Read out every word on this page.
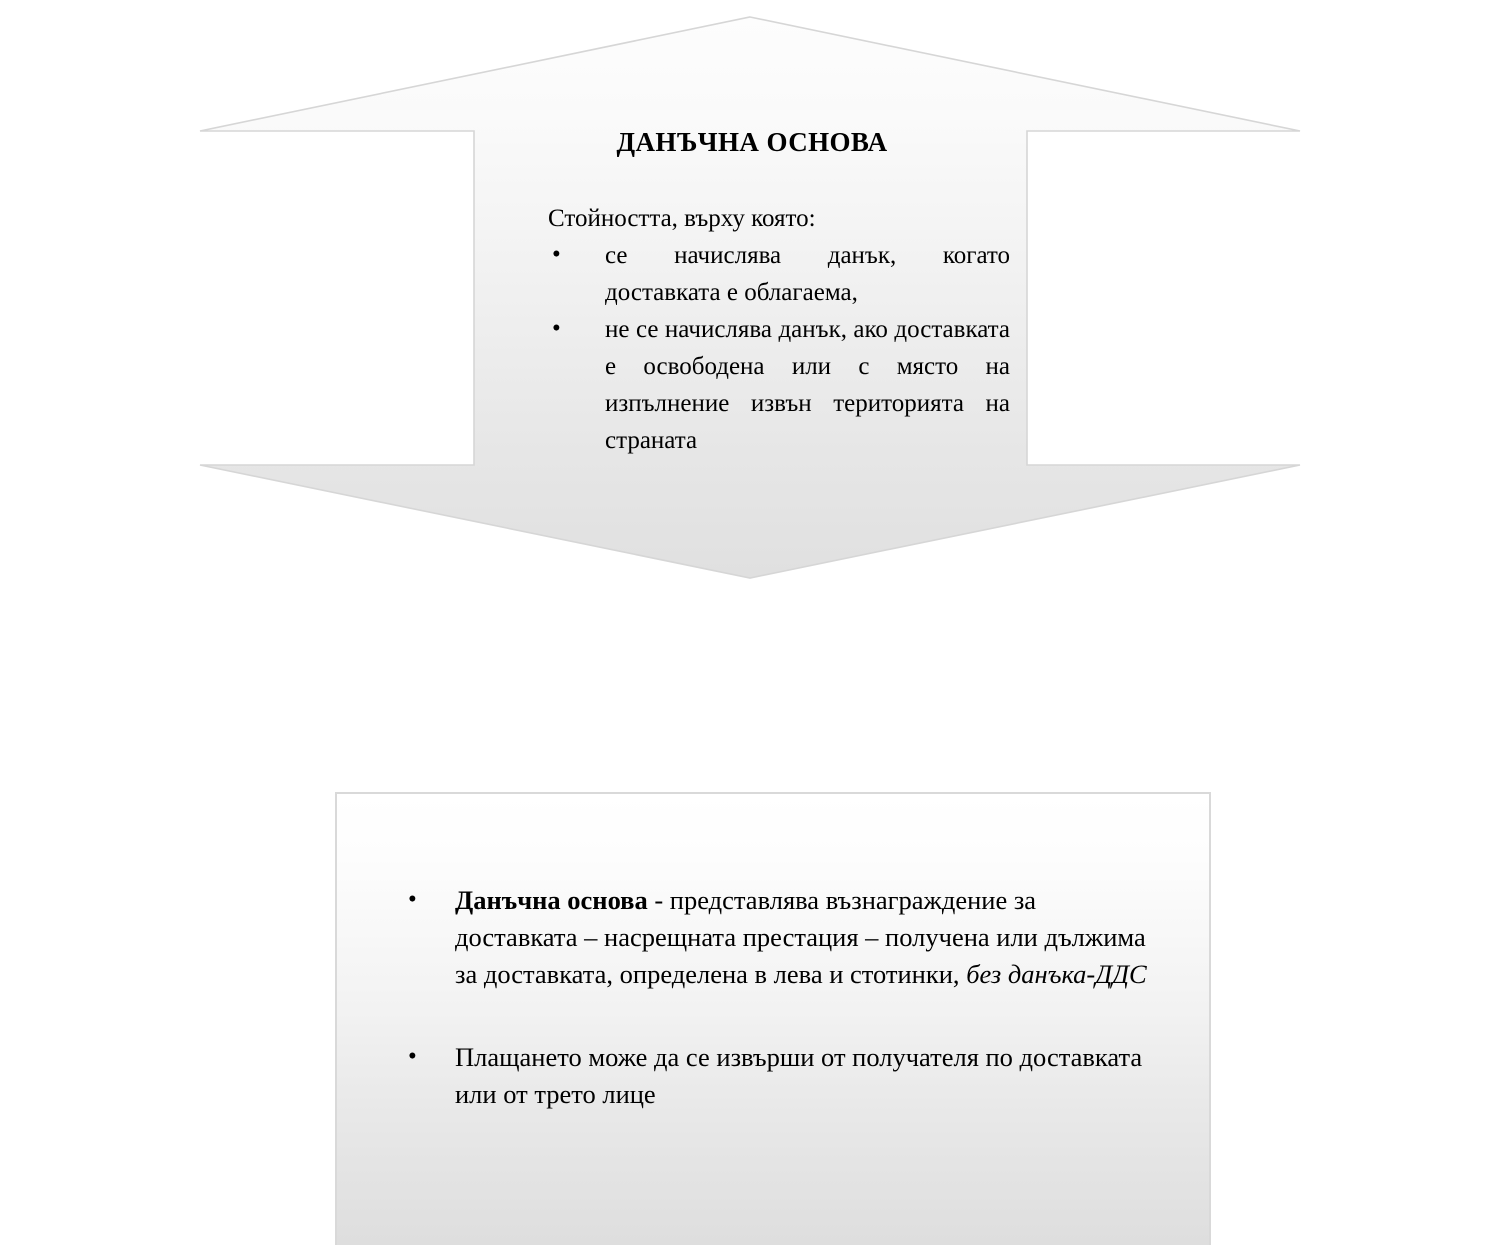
ДАНЪЧНА ОСНОВА
Стойността, върху която:
• се начислява данък, когато доставката е облагаема,
• не се начислява данък, ако доставката е освободена или с място на изпълнение извън територията на страната
• Данъчна основа - представлява възнаграждение за доставката – насрещната престация – получена или дължима за доставката, определена в лева и стотинки, без данъка-ДДС
• Плащането може да се извърши от получателя по доставката или от трето лице
